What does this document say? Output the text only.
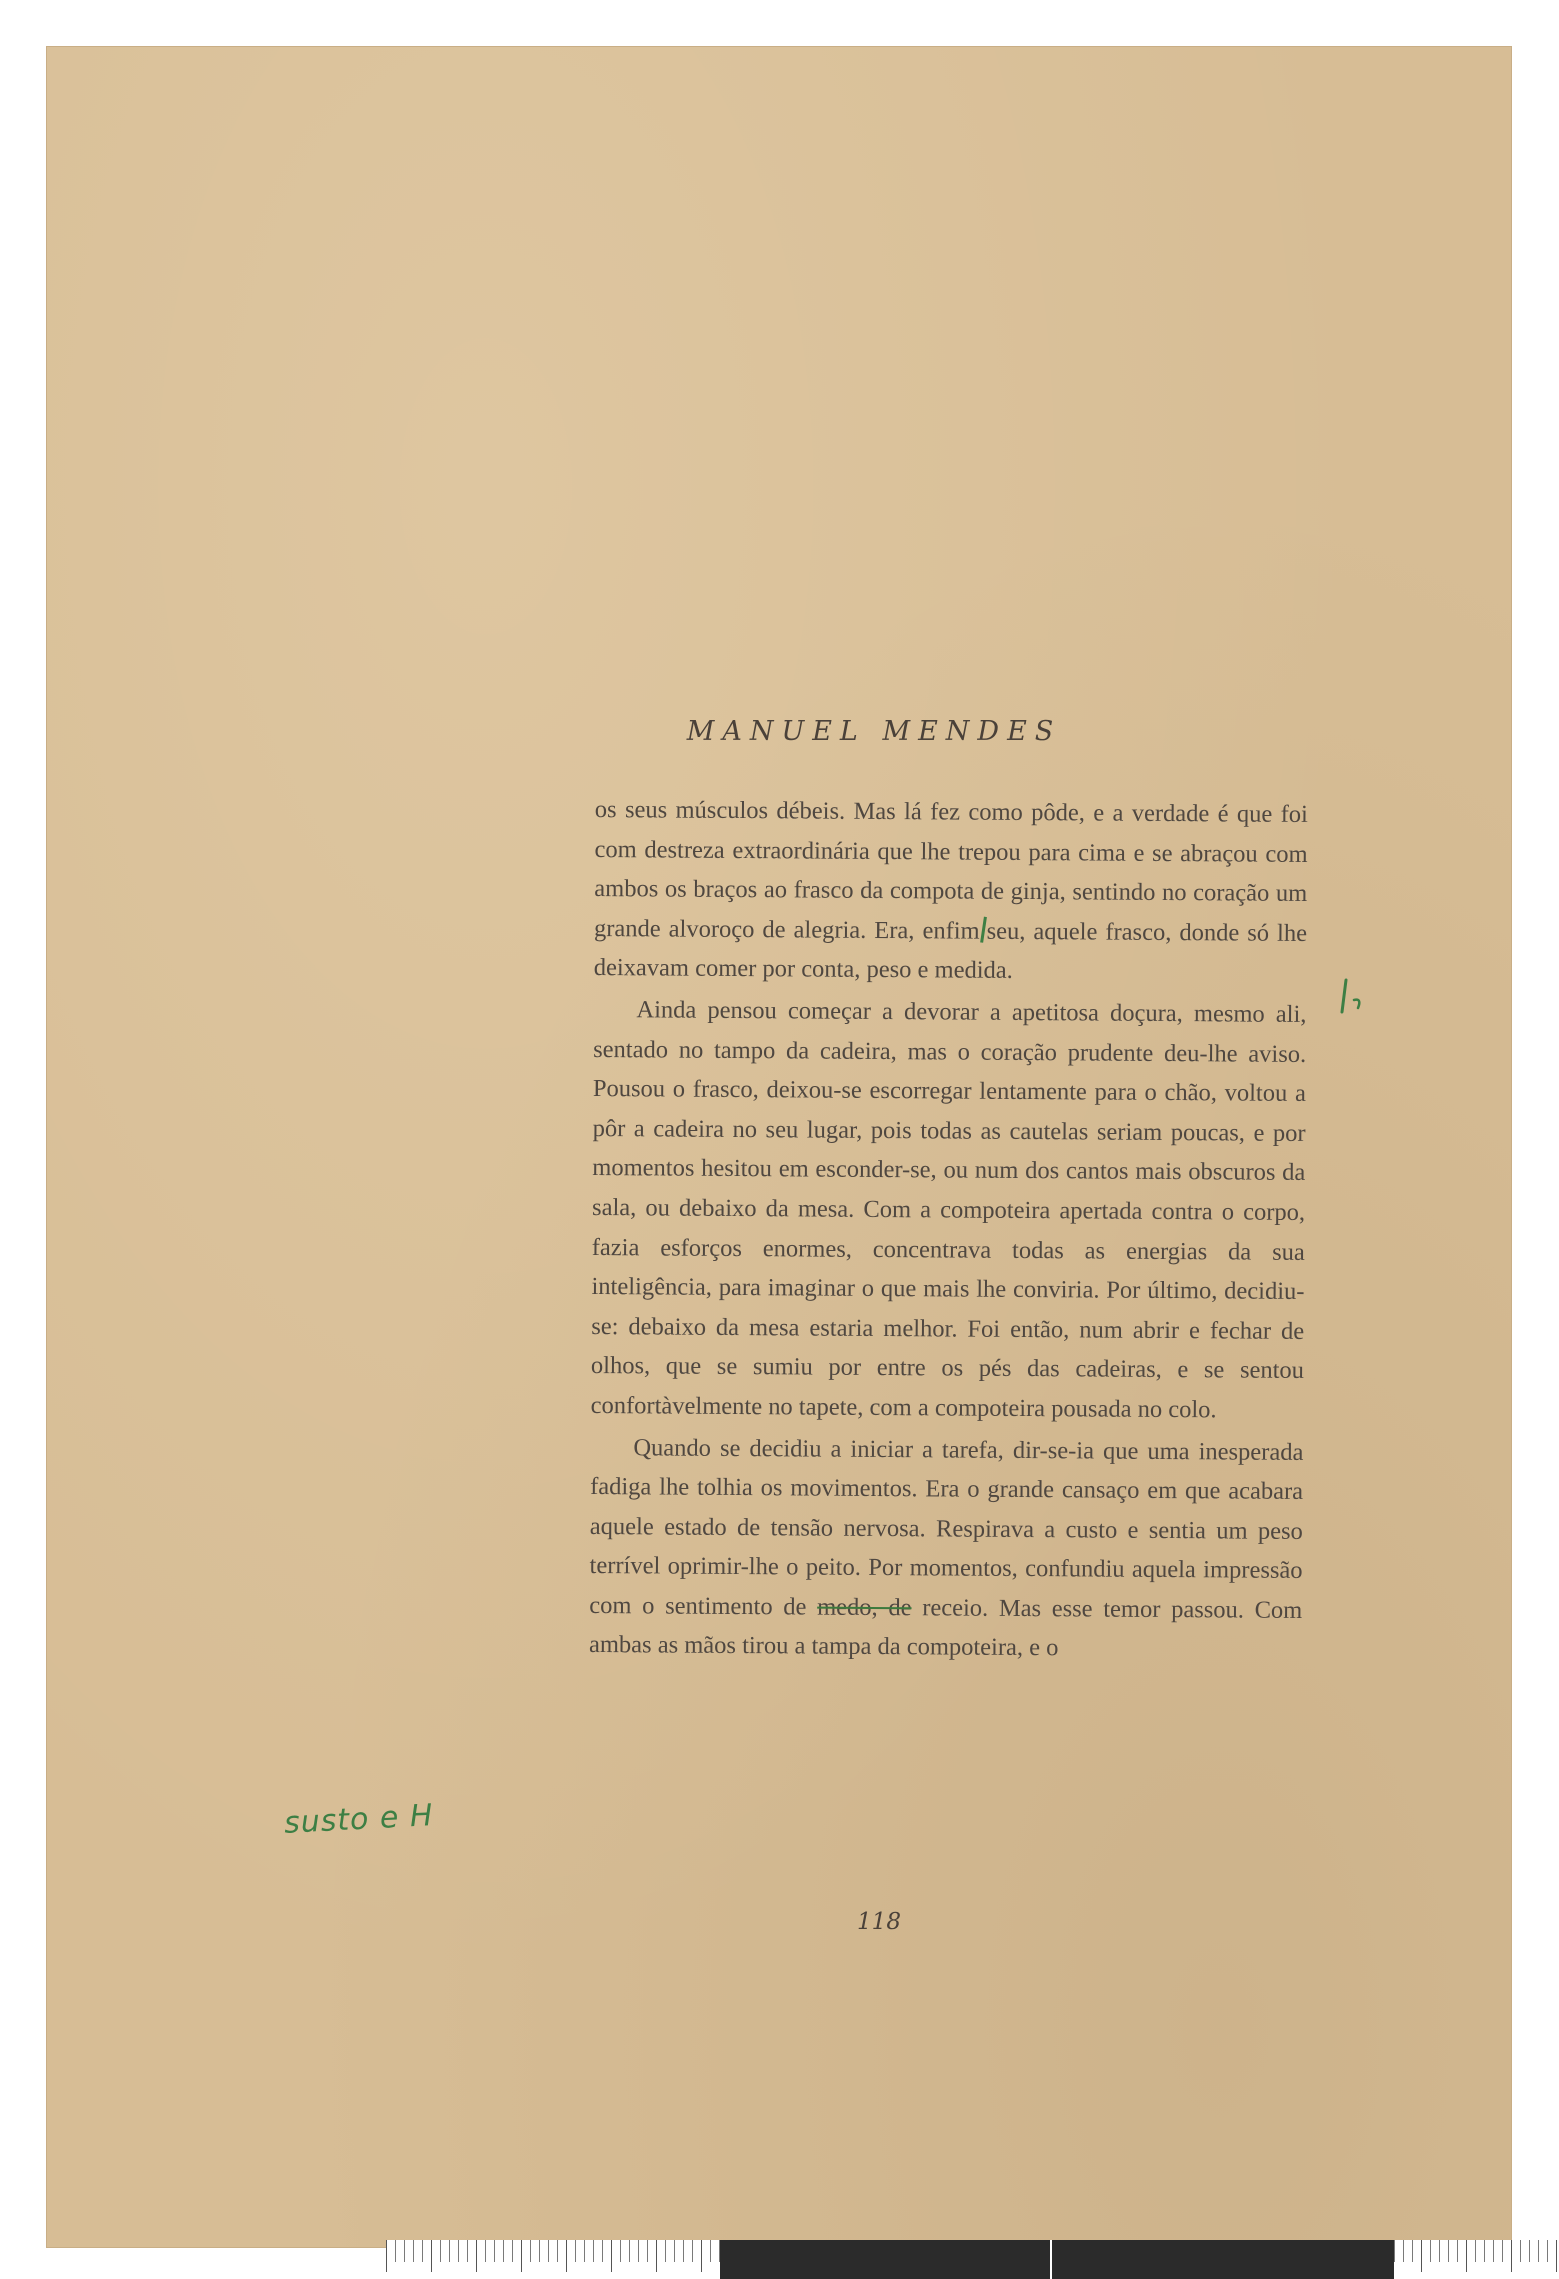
MANUEL MENDES

os seus músculos débeis. Mas lá fez como pôde, e a verdade é que foi com destreza extraordinária que lhe trepou para cima e se abraçou com ambos os braços ao frasco da compota de ginja, sentindo no coração um grande alvoroço de alegria. Era, enfim seu, aquele frasco, donde só lhe deixavam comer por conta, peso e medida.

Ainda pensou começar a devorar a apetitosa doçura, mesmo ali, sentado no tampo da cadeira, mas o coração prudente deu-lhe aviso. Pousou o frasco, deixou-se escorregar lentamente para o chão, voltou a pôr a cadeira no seu lugar, pois todas as cautelas seriam poucas, e por momentos hesitou em esconder-se, ou num dos cantos mais obscuros da sala, ou debaixo da mesa. Com a compoteira apertada contra o corpo, fazia esforços enormes, concentrava todas as energias da sua inteligência, para imaginar o que mais lhe conviria. Por último, decidiu-se: debaixo da mesa estaria melhor. Foi então, num abrir e fechar de olhos, que se sumiu por entre os pés das cadeiras, e se sentou confortàvelmente no tapete, com a compoteira pousada no colo.

Quando se decidiu a iniciar a tarefa, dir-se-ia que uma inesperada fadiga lhe tolhia os movimentos. Era o grande cansaço em que acabara aquele estado de tensão nervosa. Respirava a custo e sentia um peso terrível oprimir-lhe o peito. Por momentos, confundiu aquela impressão com o sentimento de medo, de receio. Mas esse temor passou. Com ambas as mãos tirou a tampa da compoteira, e o

susto e H
118
